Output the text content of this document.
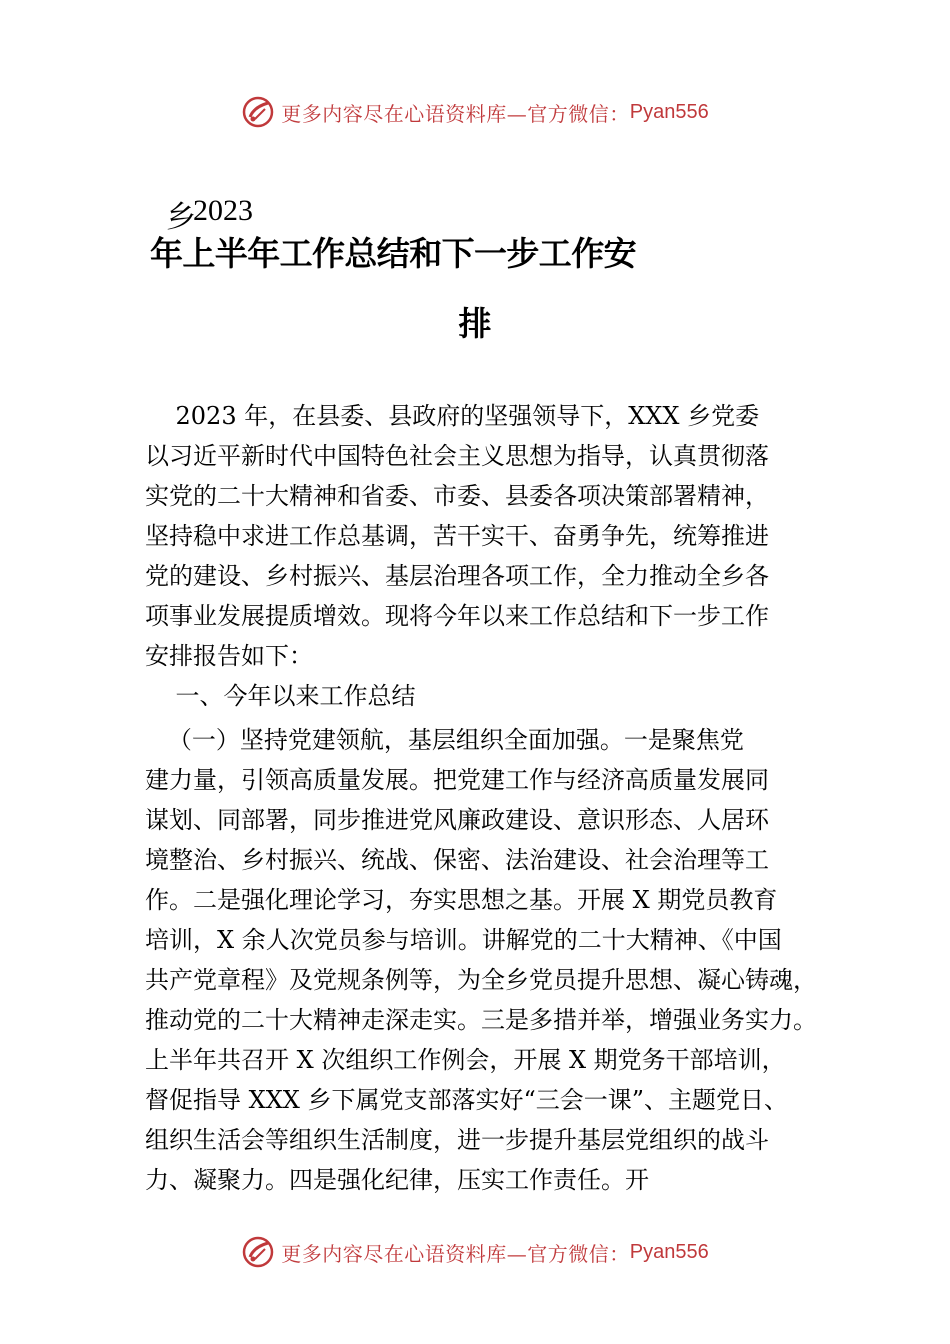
更多内容尽在心语资料库—官方微信： Pyan556
乡
2023
年上半年工作总结和下一步工作安
排
2023 年，在县委、县政府的坚强领导下，XXX 乡党委
以习近平新时代中国特色社会主义思想为指导，认真贯彻落
实党的二十大精神和省委、市委、县委各项决策部署精神，
坚持稳中求进工作总基调，苦干实干、奋勇争先，统筹推进
党的建设、乡村振兴、基层治理各项工作，全力推动全乡各
项事业发展提质增效。现将今年以来工作总结和下一步工作
安排报告如下：
一、今年以来工作总结
（一）坚持党建领航，基层组织全面加强。一是聚焦党
建力量，引领高质量发展。把党建工作与经济高质量发展同
谋划、同部署，同步推进党风廉政建设、意识形态、人居环
境整治、乡村振兴、统战、保密、法治建设、社会治理等工
作。二是强化理论学习，夯实思想之基。开展 X 期党员教育
培训，X 余人次党员参与培训。讲解党的二十大精神、《中国
共产党章程》及党规条例等，为全乡党员提升思想、凝心铸魂，
推动党的二十大精神走深走实。三是多措并举，增强业务实力。
上半年共召开 X 次组织工作例会，开展 X 期党务干部培训，
督促指导 XXX 乡下属党支部落实好“三会一课”、主题党日、
组织生活会等组织生活制度，进一步提升基层党组织的战斗
力、凝聚力。四是强化纪律，压实工作责任。开
更多内容尽在心语资料库—官方微信： Pyan556
